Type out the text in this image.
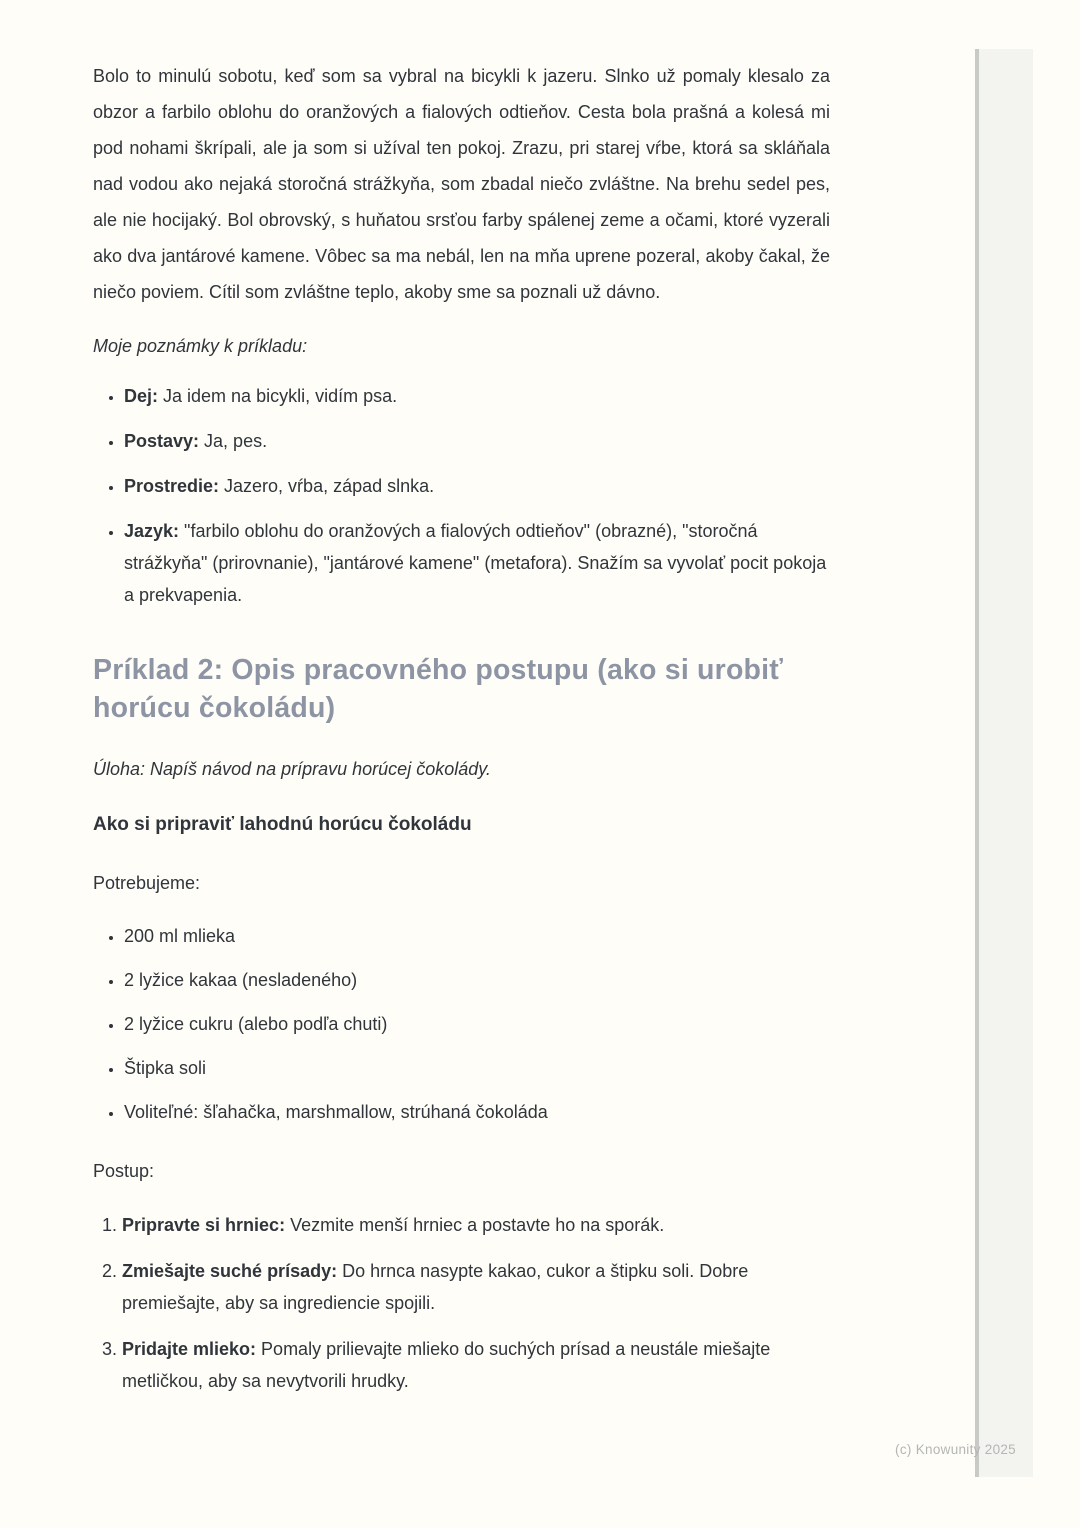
Bolo to minulú sobotu, keď som sa vybral na bicykli k jazeru. Slnko už pomaly klesalo za obzor a farbilo oblohu do oranžových a fialových odtieňov. Cesta bola prašná a kolesá mi pod nohami škrípali, ale ja som si užíval ten pokoj. Zrazu, pri starej vŕbe, ktorá sa skláňala nad vodou ako nejaká storočná strážkyňa, som zbadal niečo zvláštne. Na brehu sedel pes, ale nie hocijaký. Bol obrovský, s huňatou srsťou farby spálenej zeme a očami, ktoré vyzerali ako dva jantárové kamene. Vôbec sa ma nebál, len na mňa uprene pozeral, akoby čakal, že niečo poviem. Cítil som zvláštne teplo, akoby sme sa poznali už dávno.

Moje poznámky k príkladu:

• Dej: Ja idem na bicykli, vidím psa.
• Postavy: Ja, pes.
• Prostredie: Jazero, vŕba, západ slnka.
• Jazyk: "farbilo oblohu do oranžových a fialových odtieňov" (obrazné), "storočná strážkyňa" (prirovnanie), "jantárové kamene" (metafora). Snažím sa vyvolať pocit pokoja a prekvapenia.
Príklad 2: Opis pracovného postupu (ako si urobiť horúcu čokoládu)

Úloha: Napíš návod na prípravu horúcej čokolády.

Ako si pripraviť lahodnú horúcu čokoládu

Potrebujeme:

• 200 ml mlieka
• 2 lyžice kakaa (nesladeného)
• 2 lyžice cukru (alebo podľa chuti)
• Štipka soli
• Voliteľné: šľahačka, marshmallow, strúhaná čokoláda

Postup:

1. Pripravte si hrniec: Vezmite menší hrniec a postavte ho na sporák.
2. Zmiešajte suché prísady: Do hrnca nasypte kakao, cukor a štipku soli. Dobre premiešajte, aby sa ingrediencie spojili.
3. Pridajte mlieko: Pomaly prilievajte mlieko do suchých prísad a neustále miešajte metličkou, aby sa nevytvorili hrudky.
(c) Knowunity 2025
